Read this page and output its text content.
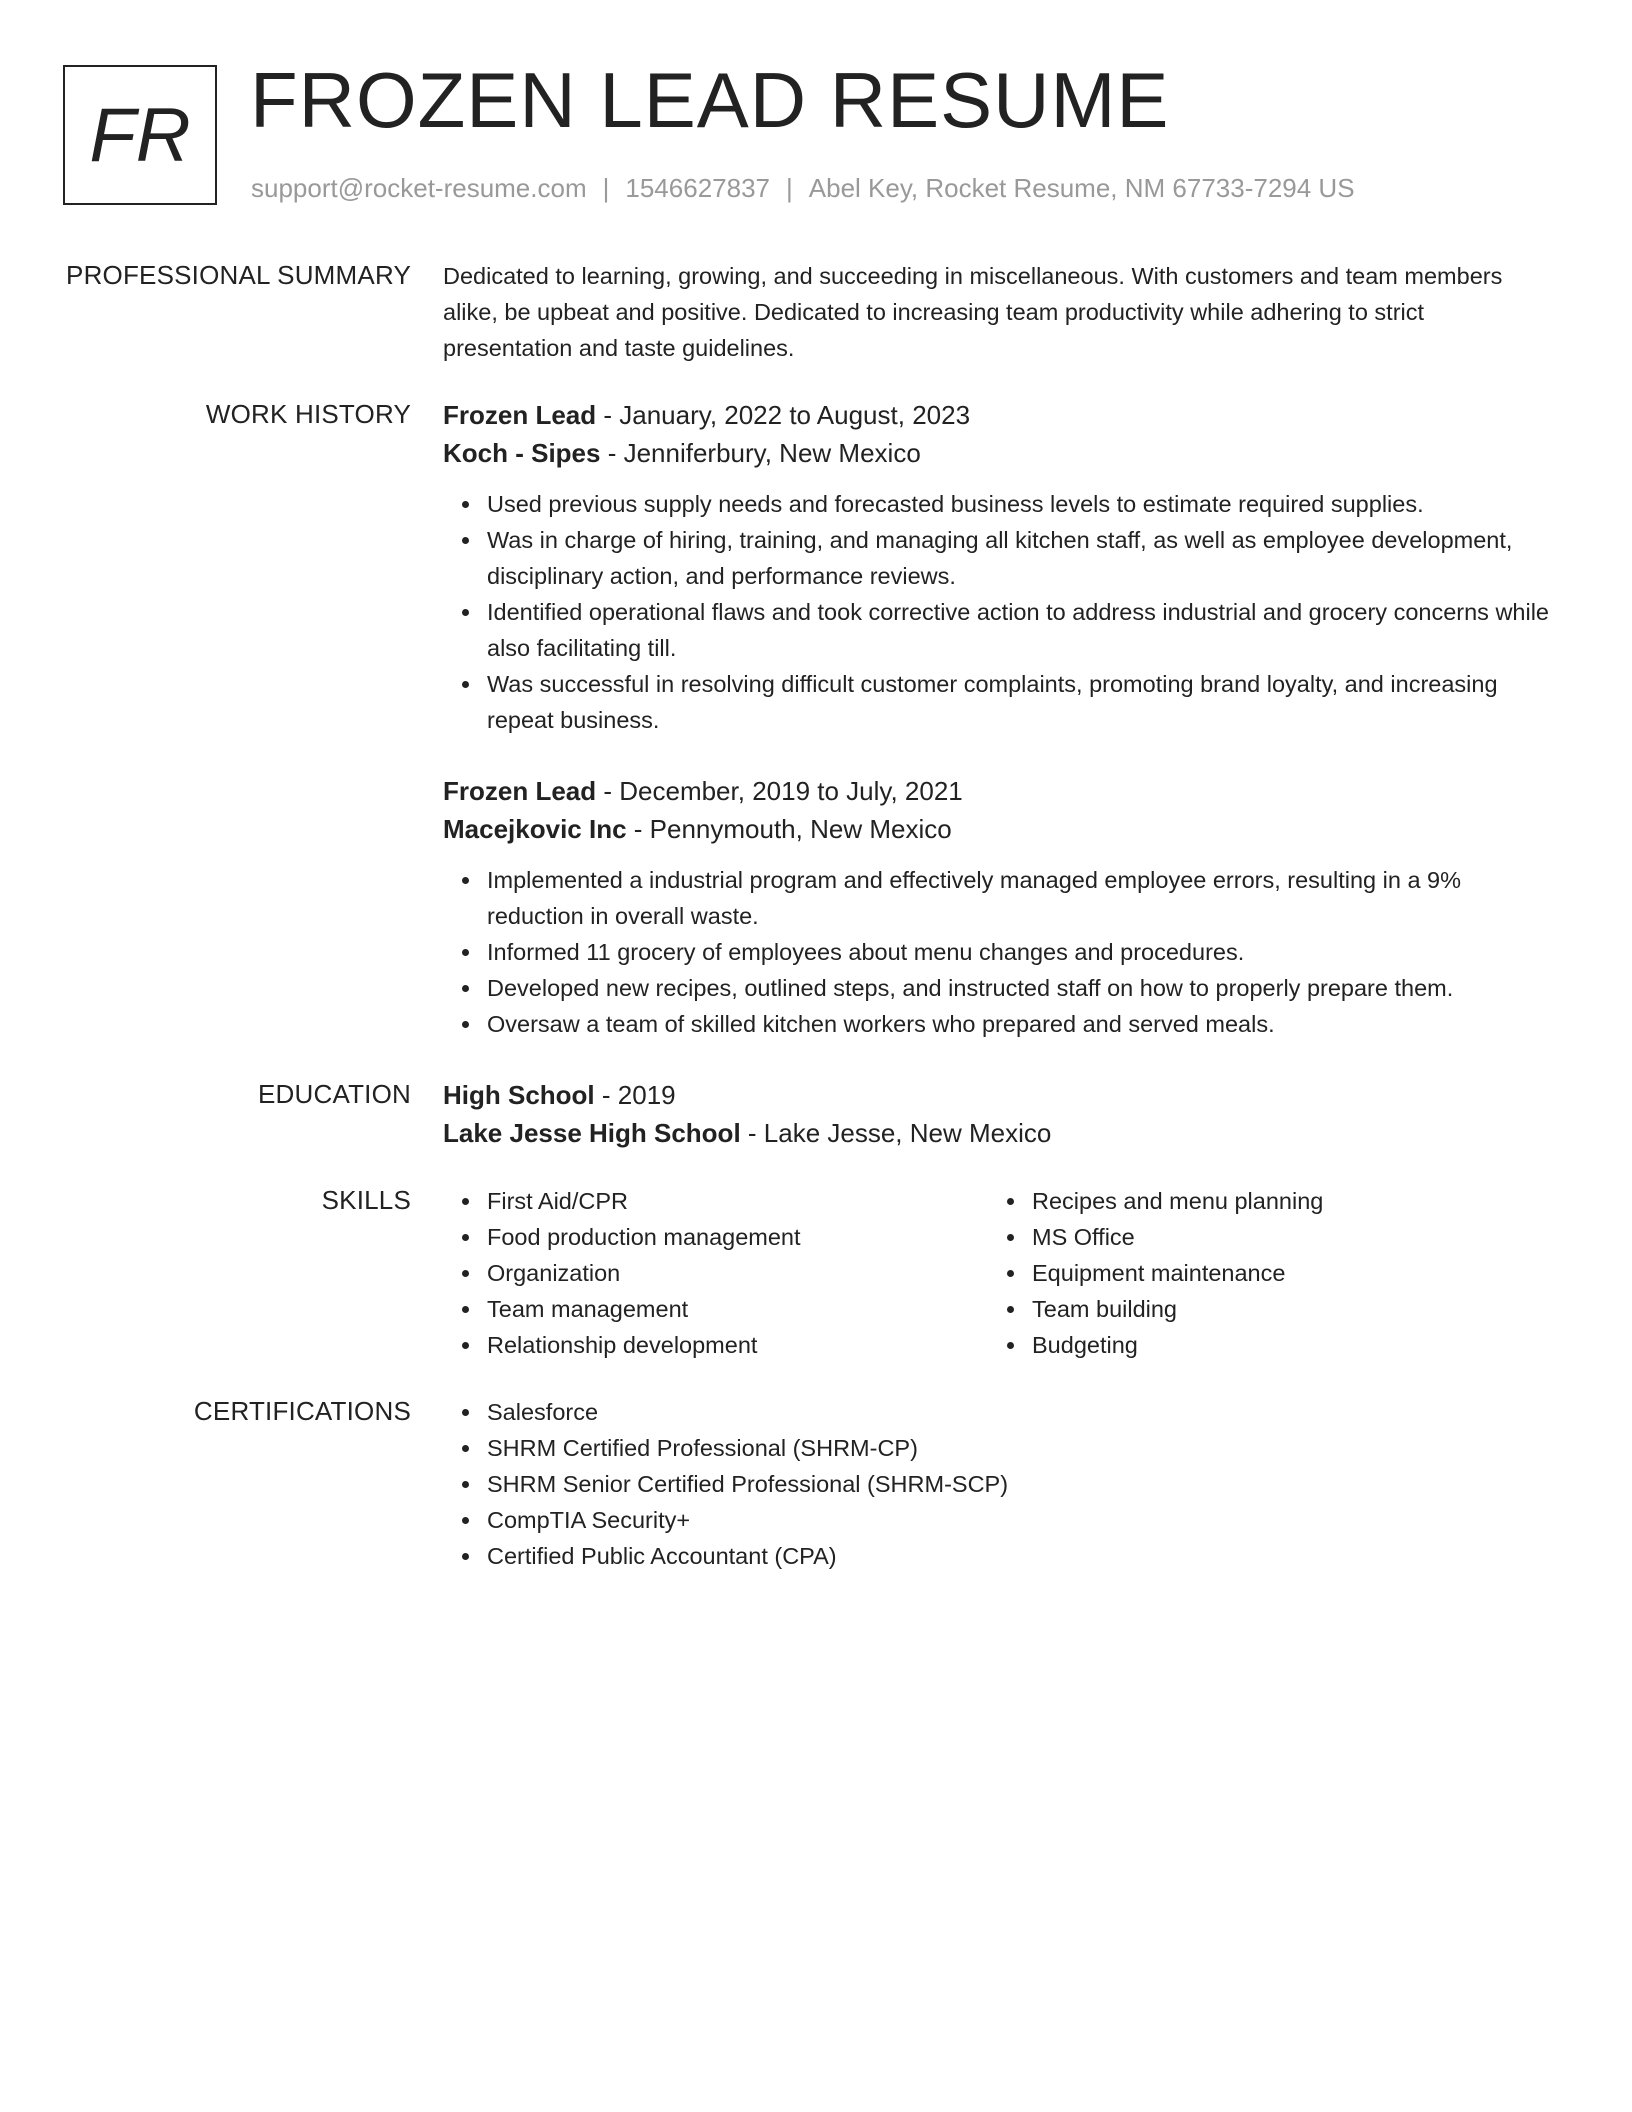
FR FROZEN LEAD RESUME
support@rocket-resume.com | 1546627837 | Abel Key, Rocket Resume, NM 67733-7294 US
PROFESSIONAL SUMMARY Dedicated to learning, growing, and succeeding in miscellaneous. With customers and team members alike, be upbeat and positive. Dedicated to increasing team productivity while adhering to strict presentation and taste guidelines.

WORK HISTORY Frozen Lead - January, 2022 to August, 2023
Koch - Sipes - Jenniferbury, New Mexico
Used previous supply needs and forecasted business levels to estimate required supplies.
Was in charge of hiring, training, and managing all kitchen staff, as well as employee development, disciplinary action, and performance reviews.
Identified operational flaws and took corrective action to address industrial and grocery concerns while also facilitating till.
Was successful in resolving difficult customer complaints, promoting brand loyalty, and increasing repeat business.
Frozen Lead - December, 2019 to July, 2021
Macejkovic Inc - Pennymouth, New Mexico
Implemented a industrial program and effectively managed employee errors, resulting in a 9% reduction in overall waste.
Informed 11 grocery of employees about menu changes and procedures.
Developed new recipes, outlined steps, and instructed staff on how to properly prepare them.
Oversaw a team of skilled kitchen workers who prepared and served meals.
EDUCATION High School - 2019
Lake Jesse High School - Lake Jesse, New Mexico
SKILLS	First Aid/CPR
Food production management
Organization
Team management
Relationship development
Recipes and menu planning
MS Office
Equipment maintenance
Team building
Budgeting
CERTIFICATIONS	Salesforce
SHRM Certified Professional (SHRM-CP)
SHRM Senior Certified Professional (SHRM-SCP)
CompTIA Security+
Certified Public Accountant (CPA)
